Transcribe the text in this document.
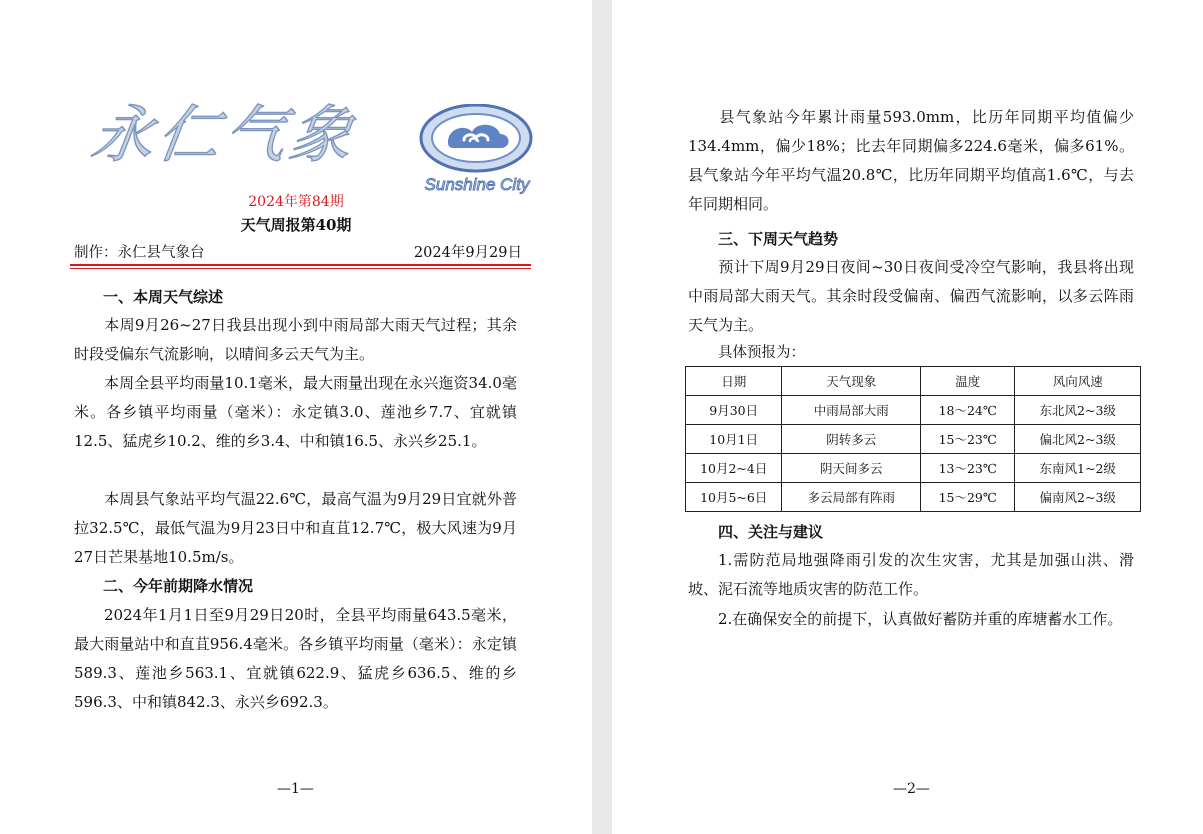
永仁气象
Sunshine City
2024年第84期
天气周报第40期
制作：永仁县气象台	2024年9月29日
一、本周天气综述

本周9月26~27日我县出现小到中雨局部大雨天气过程；其余时段受偏东气流影响，以晴间多云天气为主。

本周全县平均雨量10.1毫米，最大雨量出现在永兴迤资34.0毫米。各乡镇平均雨量（毫米）：永定镇3.0、莲池乡7.7、宜就镇12.5、猛虎乡10.2、维的乡3.4、中和镇16.5、永兴乡25.1。

本周县气象站平均气温22.6℃，最高气温为9月29日宜就外普拉32.5℃，最低气温为9月23日中和直苴12.7℃，极大风速为9月27日芒果基地10.5m/s。

二、今年前期降水情况

2024年1月1日至9月29日20时，全县平均雨量643.5毫米，最大雨量站中和直苴956.4毫米。各乡镇平均雨量（毫米）：永定镇589.3、莲池乡563.1、宜就镇622.9、猛虎乡636.5、维的乡596.3、中和镇842.3、永兴乡692.3。

—1—

县气象站今年累计雨量593.0mm，比历年同期平均值偏少134.4mm，偏少18%；比去年同期偏多224.6毫米，偏多61%。县气象站今年平均气温20.8℃，比历年同期平均值高1.6℃，与去年同期相同。

三、下周天气趋势

预计下周9月29日夜间~30日夜间受冷空气影响，我县将出现中雨局部大雨天气。其余时段受偏南、偏西气流影响，以多云阵雨天气为主。

具体预报为：
日期	天气现象	温度	风向风速
9月30日	中雨局部大雨	18～24℃	东北风2~3级
10月1日	阴转多云	15～23℃	偏北风2~3级
10月2~4日	阴天间多云	13～23℃	东南风1~2级
10月5~6日	多云局部有阵雨	15～29℃	偏南风2~3级
四、关注与建议

1.需防范局地强降雨引发的次生灾害，尤其是加强山洪、滑坡、泥石流等地质灾害的防范工作。

2.在确保安全的前提下，认真做好蓄防并重的库塘蓄水工作。

—2—
